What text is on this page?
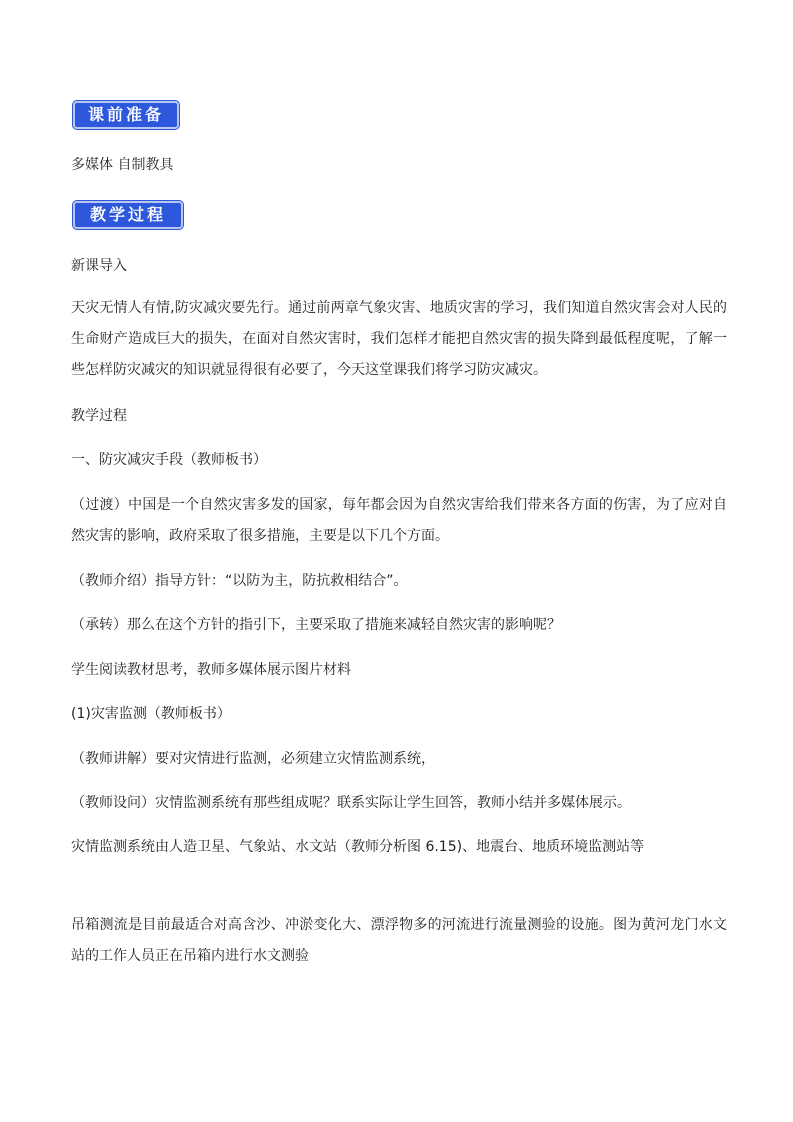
课前准备
多媒体 自制教具
教学过程
新课导入
天灾无情人有情,防灾减灾要先行。通过前两章气象灾害、地质灾害的学习，我们知道自然灾害会对人民的生命财产造成巨大的损失，在面对自然灾害时，我们怎样才能把自然灾害的损失降到最低程度呢，了解一些怎样防灾减灾的知识就显得很有必要了，今天这堂课我们将学习防灾减灾。
教学过程
一、防灾减灾手段（教师板书）
（过渡）中国是一个自然灾害多发的国家，每年都会因为自然灾害给我们带来各方面的伤害，为了应对自然灾害的影响，政府采取了很多措施，主要是以下几个方面。
（教师介绍）指导方针：“以防为主，防抗救相结合”。
（承转）那么在这个方针的指引下，主要采取了措施来减轻自然灾害的影响呢？
学生阅读教材思考，教师多媒体展示图片材料
(1)灾害监测（教师板书）
（教师讲解）要对灾情进行监测，必须建立灾情监测系统，
（教师设问）灾情监测系统有那些组成呢？联系实际让学生回答，教师小结并多媒体展示。
灾情监测系统由人造卫星、气象站、水文站（教师分析图 6.15)、地震台、地质环境监测站等
吊箱测流是目前最适合对高含沙、冲淤变化大、漂浮物多的河流进行流量测验的设施。图为黄河龙门水文站的工作人员正在吊箱内进行水文测验
